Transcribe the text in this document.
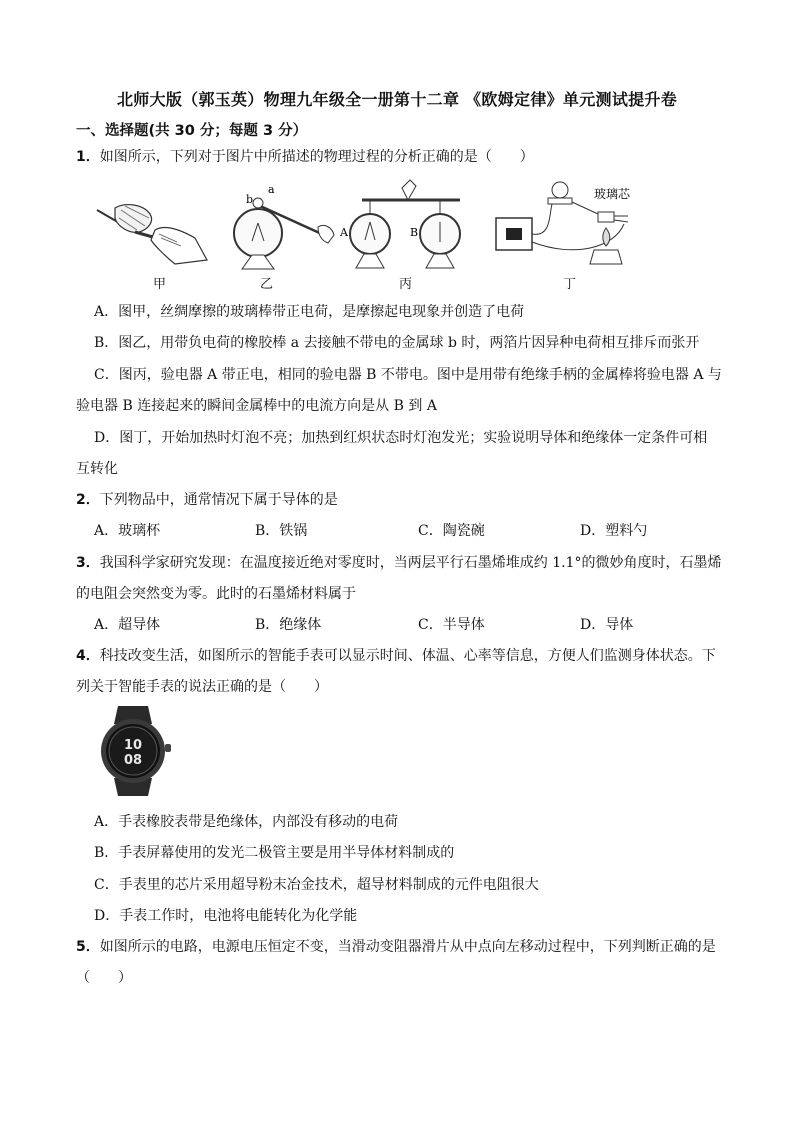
北师大版（郭玉英）物理九年级全一册第十二章 《欧姆定律》单元测试提升卷
一、选择题(共 30 分；每题 3 分）
1．如图所示，下列对于图片中所描述的物理过程的分析正确的是（　　）
甲
a
b
乙
A	B
丙
玻璃芯
丁
A．图甲，丝绸摩擦的玻璃棒带正电荷，是摩擦起电现象并创造了电荷
B．图乙，用带负电荷的橡胶棒 a 去接触不带电的金属球 b 时，两箔片因异种电荷相互排斥而张开
C．图丙，验电器 A 带正电，相同的验电器 B 不带电。图中是用带有绝缘手柄的金属棒将验电器 A 与
验电器 B 连接起来的瞬间金属棒中的电流方向是从 B 到 A
D．图丁，开始加热时灯泡不亮；加热到红炽状态时灯泡发光；实验说明导体和绝缘体一定条件可相
互转化
2．下列物品中，通常情况下属于导体的是
A．玻璃杯	B．铁锅	C．陶瓷碗	D．塑料勺
3．我国科学家研究发现：在温度接近绝对零度时，当两层平行石墨烯堆成约 1.1°的微妙角度时，石墨烯
的电阻会突然变为零。此时的石墨烯材料属于
A．超导体	B．绝缘体	C．半导体	D．导体
4．科技改变生活，如图所示的智能手表可以显示时间、体温、心率等信息，方便人们监测身体状态。下
列关于智能手表的说法正确的是（　　）
10
08
A．手表橡胶表带是绝缘体，内部没有移动的电荷
B．手表屏幕使用的发光二极管主要是用半导体材料制成的
C．手表里的芯片采用超导粉末冶金技术，超导材料制成的元件电阻很大
D．手表工作时，电池将电能转化为化学能
5．如图所示的电路，电源电压恒定不变，当滑动变阻器滑片从中点向左移动过程中，下列判断正确的是
（　　）
